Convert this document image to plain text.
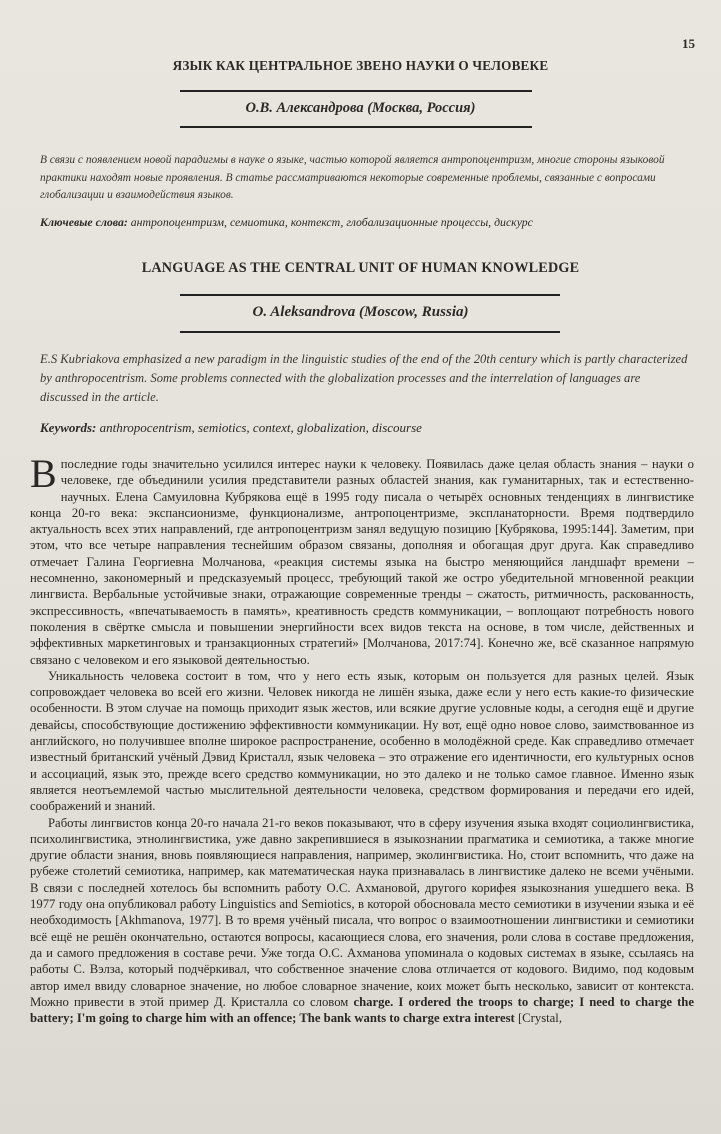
15
ЯЗЫК КАК ЦЕНТРАЛЬНОЕ ЗВЕНО НАУКИ О ЧЕЛОВЕКЕ
О.В. Александрова (Москва, Россия)
В связи с появлением новой парадигмы в науке о языке, частью которой является антропоцентризм, многие стороны языковой практики находят новые проявления. В статье рассматриваются некоторые современные проблемы, связанные с вопросами глобализации и взаимодействия языков.
Ключевые слова: антропоцентризм, семиотика, контекст, глобализационные процессы, дискурс
LANGUAGE AS THE CENTRAL UNIT OF HUMAN KNOWLEDGE
O. Aleksandrova (Moscow, Russia)
E.S Kubriakova emphasized a new paradigm in the linguistic studies of the end of the 20th century which is partly characterized by anthropocentrism. Some problems connected with the globalization processes and the interrelation of languages are discussed in the article.
Keywords: anthropocentrism, semiotics, context, globalization, discourse

Впоследние годы значительно усилился интерес науки к человеку. Появилась даже целая область знания – науки о человеке, где объединили усилия представители разных областей знания, как гуманитарных, так и естественно-научных. Елена Самуиловна Кубрякова ещё в 1995 году писала о четырёх основных тенденциях в лингвистике конца 20-го века: экспансионизме, функционализме, антропоцентризме, экспланаторности. Время подтвердило актуальность всех этих направлений, где антропоцентризм занял ведущую позицию [Кубрякова, 1995:144]. Заметим, при этом, что все четыре направления теснейшим образом связаны, дополняя и обогащая друг друга. Как справедливо отмечает Галина Георгиевна Молчанова, «реакция системы языка на быстро меняющийся ландшафт времени – несомненно, закономерный и предсказуемый процесс, требующий такой же остро убедительной мгновенной реакции лингвиста. Вербальные устойчивые знаки, отражающие современные тренды – сжатость, ритмичность, раскованность, экспрессивность, «впечатываемость в память», креативность средств коммуникации, – воплощают потребность нового поколения в свёртке смысла и повышении энергийности всех видов текста на основе, в том числе, действенных и эффективных маркетинговых и транзакционных стратегий» [Молчанова, 2017:74]. Конечно же, всё сказанное напрямую связано с человеком и его языковой деятельностью.

Уникальность человека состоит в том, что у него есть язык, которым он пользуется для разных целей. Язык сопровождает человека во всей его жизни. Человек никогда не лишён языка, даже если у него есть какие-то физические особенности. В этом случае на помощь приходит язык жестов, или всякие другие условные коды, а сегодня ещё и другие девайсы, способствующие достижению эффективности коммуникации. Ну вот, ещё одно новое слово, заимствованное из английского, но получившее вполне широкое распространение, особенно в молодёжной среде. Как справедливо отмечает известный британский учёный Дэвид Кристалл, язык человека – это отражение его идентичности, его культурных основ и ассоциаций, язык это, прежде всего средство коммуникации, но это далеко и не только самое главное. Именно язык является неотъемлемой частью мыслительной деятельности человека, средством формирования и передачи его идей, соображений и знаний.

Работы лингвистов конца 20-го начала 21-го веков показывают, что в сферу изучения языка входят социолингвистика, психолингвистика, этнолингвистика, уже давно закрепившиеся в языкознании прагматика и семиотика, а также многие другие области знания, вновь появляющиеся направления, например, эколингвистика. Но, стоит вспомнить, что даже на рубеже столетий семиотика, например, как математическая наука признавалась в лингвистике далеко не всеми учёными. В связи с последней хотелось бы вспомнить работу О.С. Ахмановой, другого корифея языкознания ушедшего века. В 1977 году она опубликовал работу Linguistics and Semiotics, в которой обосновала место семиотики в изучении языка и её необходимость [Akhmanova, 1977]. В то время учёный писала, что вопрос о взаимоотношении лингвистики и семиотики всё ещё не решён окончательно, остаются вопросы, касающиеся слова, его значения, роли слова в составе предложения, да и самого предложения в составе речи. Уже тогда О.С. Ахманова упоминала о кодовых системах в языке, ссылаясь на работы С. Вэлза, который подчёркивал, что собственное значение слова отличается от кодового. Видимо, под кодовым автор имел ввиду словарное значение, но любое словарное значение, коих может быть несколько, зависит от контекста. Можно привести в этой пример Д. Кристалла со словом charge. I ordered the troops to charge; I need to charge the battery; I'm going to charge him with an offence; The bank wants to charge extra interest [Crystal,
